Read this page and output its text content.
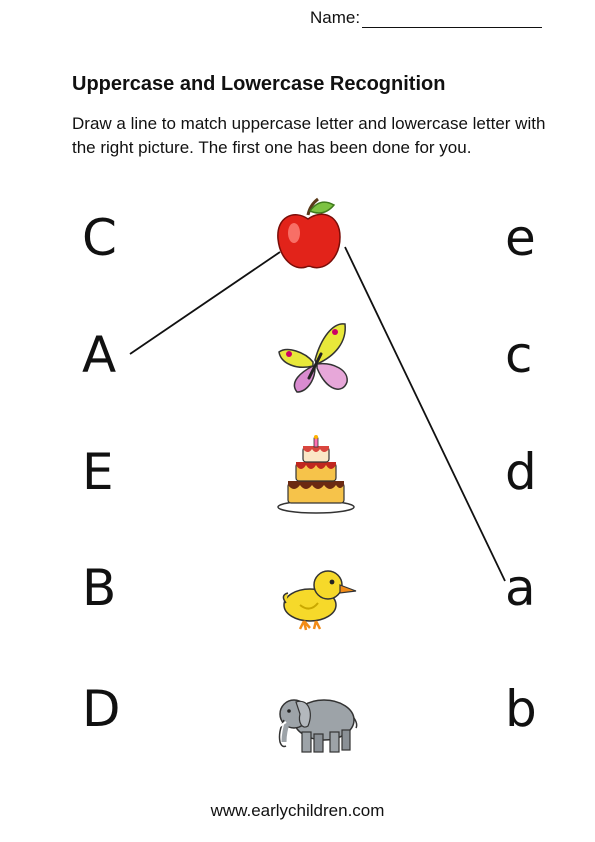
Name:
Uppercase and Lowercase Recognition
Draw a line to match uppercase letter and lowercase letter with the right picture. The first one has been done for you.
C
A
E
B
D
e
c
d
a
b
www.earlychildren.com
